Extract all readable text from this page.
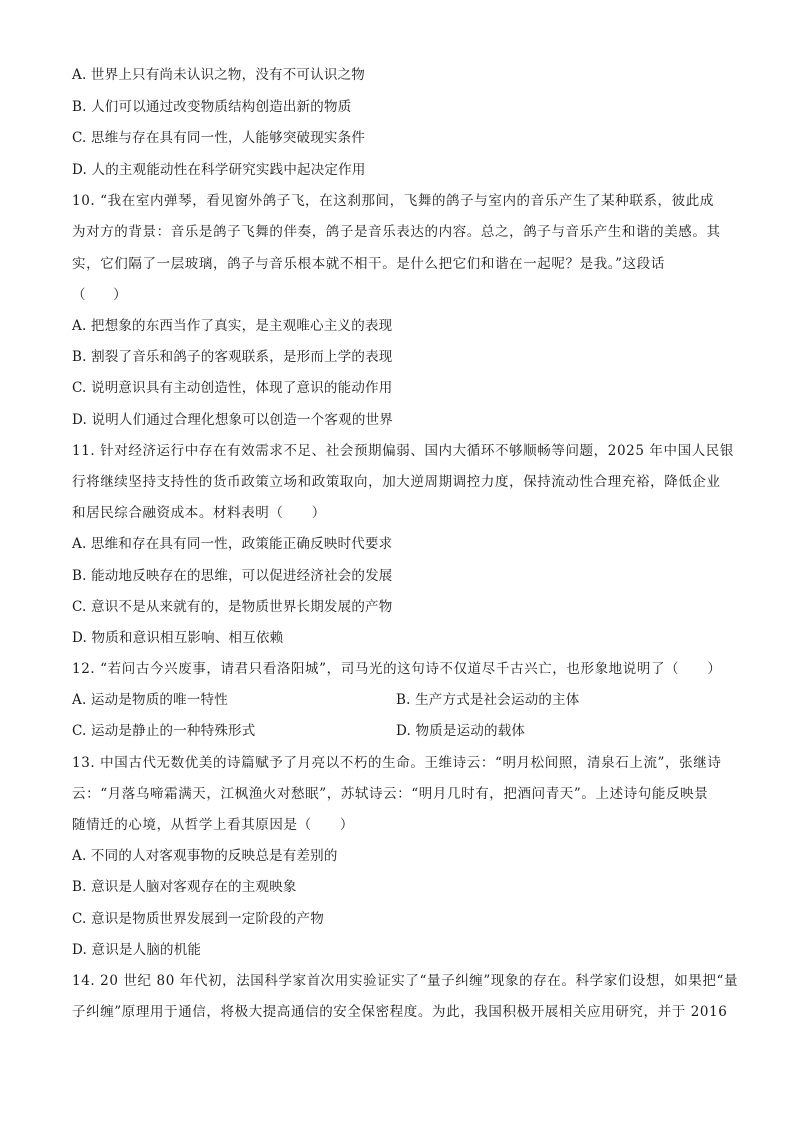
A. 世界上只有尚未认识之物，没有不可认识之物
B. 人们可以通过改变物质结构创造出新的物质
C. 思维与存在具有同一性，人能够突破现实条件
D. 人的主观能动性在科学研究实践中起决定作用
10. “我在室内弹琴，看见窗外鸽子飞，在这刹那间，飞舞的鸽子与室内的音乐产生了某种联系，彼此成
为对方的背景：音乐是鸽子飞舞的伴奏，鸽子是音乐表达的内容。总之，鸽子与音乐产生和谐的美感。其
实，它们隔了一层玻璃，鸽子与音乐根本就不相干。是什么把它们和谐在一起呢？是我。”这段话
（　　）
A. 把想象的东西当作了真实，是主观唯心主义的表现
B. 割裂了音乐和鸽子的客观联系，是形而上学的表现
C. 说明意识具有主动创造性，体现了意识的能动作用
D. 说明人们通过合理化想象可以创造一个客观的世界
11. 针对经济运行中存在有效需求不足、社会预期偏弱、国内大循环不够顺畅等问题，2025 年中国人民银
行将继续坚持支持性的货币政策立场和政策取向，加大逆周期调控力度，保持流动性合理充裕，降低企业
和居民综合融资成本。材料表明（　　）
A. 思维和存在具有同一性，政策能正确反映时代要求
B. 能动地反映存在的思维，可以促进经济社会的发展
C. 意识不是从来就有的，是物质世界长期发展的产物
D. 物质和意识相互影响、相互依赖
12. “若问古今兴废事，请君只看洛阳城”，司马光的这句诗不仅道尽千古兴亡，也形象地说明了（　　）
A. 运动是物质的唯一特性	B. 生产方式是社会运动的主体
C. 运动是静止的一种特殊形式	D. 物质是运动的载体
13. 中国古代无数优美的诗篇赋予了月亮以不朽的生命。王维诗云：“明月松间照，清泉石上流”，张继诗
云：“月落乌啼霜满天，江枫渔火对愁眠”，苏轼诗云：“明月几时有，把酒问青天”。上述诗句能反映景
随情迁的心境，从哲学上看其原因是（　　）
A. 不同的人对客观事物的反映总是有差别的
B. 意识是人脑对客观存在的主观映象
C. 意识是物质世界发展到一定阶段的产物
D. 意识是人脑的机能
14. 20 世纪 80 年代初，法国科学家首次用实验证实了“量子纠缠”现象的存在。科学家们设想，如果把“量
子纠缠”原理用于通信，将极大提高通信的安全保密程度。为此，我国积极开展相关应用研究，并于 2016
